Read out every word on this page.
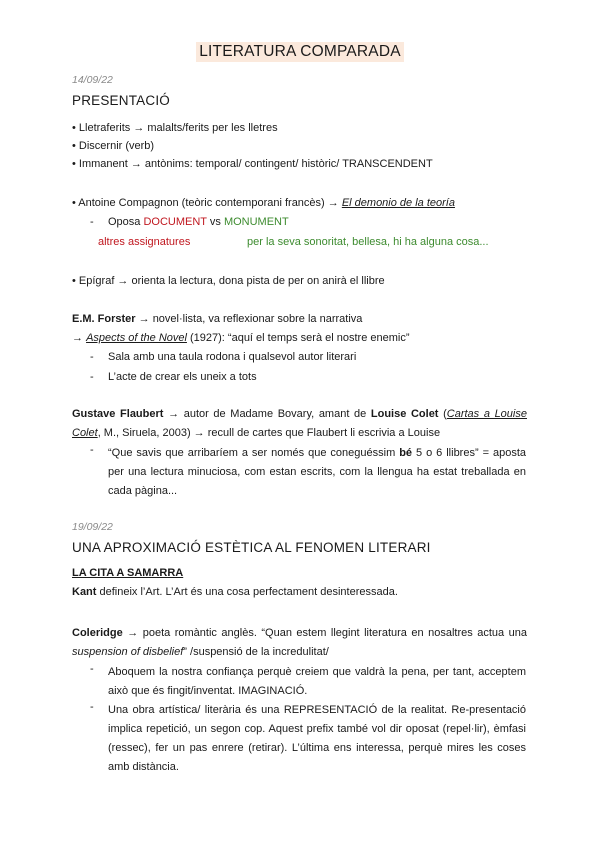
LITERATURA COMPARADA
14/09/22
PRESENTACIÓ
• Lletraferits → malalts/ferits per les lletres
• Discernir (verb)
• Immanent → antònims: temporal/ contingent/ històric/ TRANSCENDENT
• Antoine Compagnon (teòric contemporani francès) → El demonio de la teoría
- Oposa DOCUMENT vs MONUMENT
altres assignatures	per la seva sonoritat, bellesa, hi ha alguna cosa...
• Epígraf → orienta la lectura, dona pista de per on anirà el llibre
E.M. Forster → novel·lista, va reflexionar sobre la narrativa
→ Aspects of the Novel (1927): “aquí el temps serà el nostre enemic”
- Sala amb una taula rodona i qualsevol autor literari
- L’acte de crear els uneix a tots
Gustave Flaubert → autor de Madame Bovary, amant de Louise Colet (Cartas a Louise Colet, M., Siruela, 2003) → recull de cartes que Flaubert li escrivia a Louise
- “Que savis que arribaríem a ser només que coneguéssim bé 5 o 6 llibres” = aposta per una lectura minuciosa, com estan escrits, com la llengua ha estat treballada en cada pàgina...
19/09/22
UNA APROXIMACIÓ ESTÈTICA AL FENOMEN LITERARI
LA CITA A SAMARRA
Kant defineix l’Art. L’Art és una cosa perfectament desinteressada.
Coleridge → poeta romàntic anglès. “Quan estem llegint literatura en nosaltres actua una suspension of disbelief” /suspensió de la incredulitat/
- Aboquem la nostra confiança perquè creiem que valdrà la pena, per tant, acceptem això que és fingit/inventat. IMAGINACIÓ.
- Una obra artística/ literària és una REPRESENTACIÓ de la realitat. Re-presentació implica repetició, un segon cop. Aquest prefix també vol dir oposat (repel·lir), èmfasi (ressec), fer un pas enrere (retirar). L’última ens interessa, perquè mires les coses amb distància.
